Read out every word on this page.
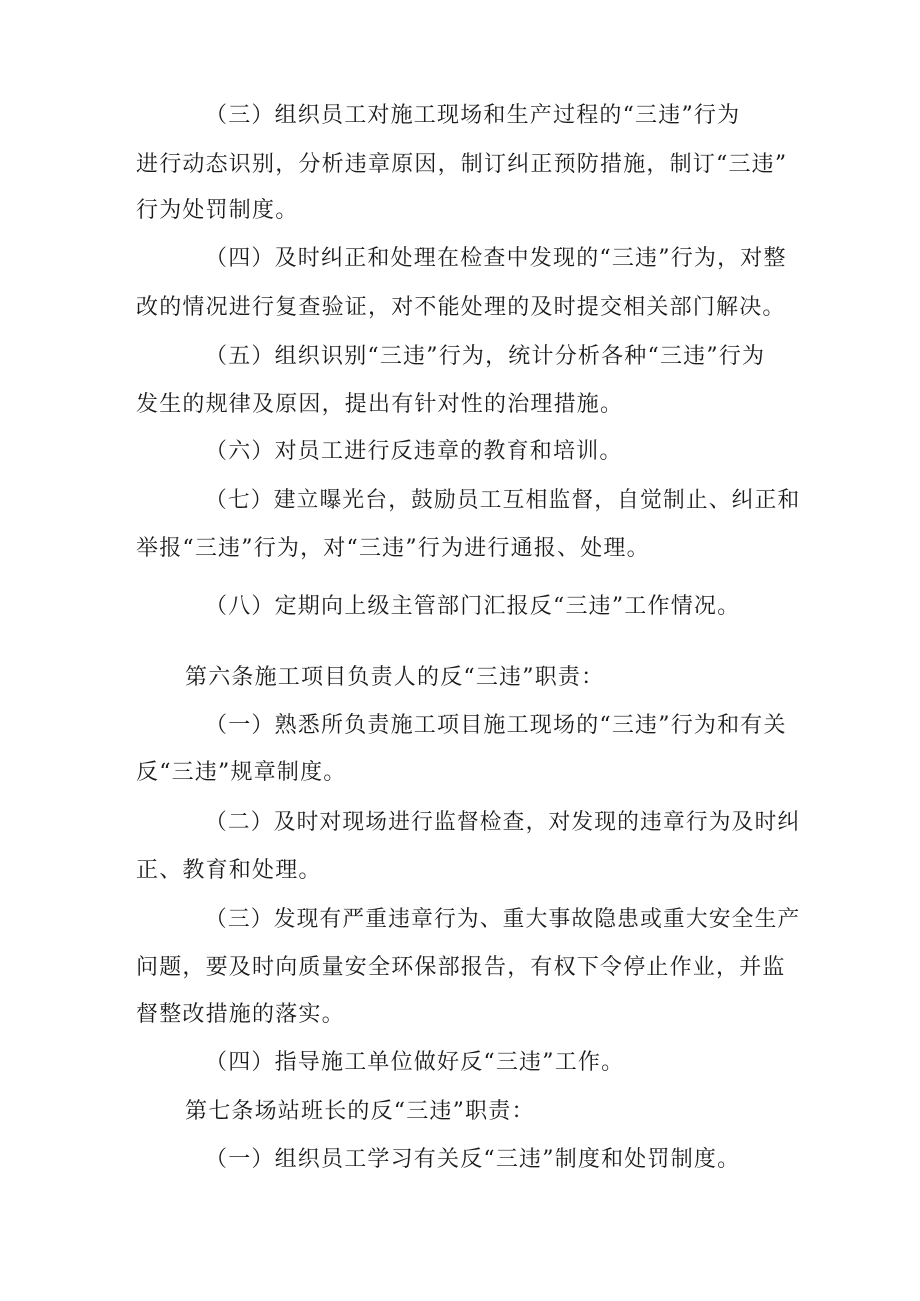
（三）组织员工对施工现场和生产过程的“三违”行为
进行动态识别，分析违章原因，制订纠正预防措施，制订“三违”
行为处罚制度。
（四）及时纠正和处理在检查中发现的“三违”行为，对整
改的情况进行复查验证，对不能处理的及时提交相关部门解决。
（五）组织识别“三违”行为，统计分析各种“三违”行为
发生的规律及原因，提出有针对性的治理措施。
（六）对员工进行反违章的教育和培训。
（七）建立曝光台，鼓励员工互相监督，自觉制止、纠正和
举报“三违”行为，对“三违”行为进行通报、处理。
（八）定期向上级主管部门汇报反“三违”工作情况。
第六条施工项目负责人的反“三违”职责：
（一）熟悉所负责施工项目施工现场的“三违”行为和有关
反“三违”规章制度。
（二）及时对现场进行监督检查，对发现的违章行为及时纠
正、教育和处理。
（三）发现有严重违章行为、重大事故隐患或重大安全生产
问题，要及时向质量安全环保部报告，有权下令停止作业，并监
督整改措施的落实。
（四）指导施工单位做好反“三违”工作。
第七条场站班长的反“三违”职责：
（一）组织员工学习有关反“三违”制度和处罚制度。
